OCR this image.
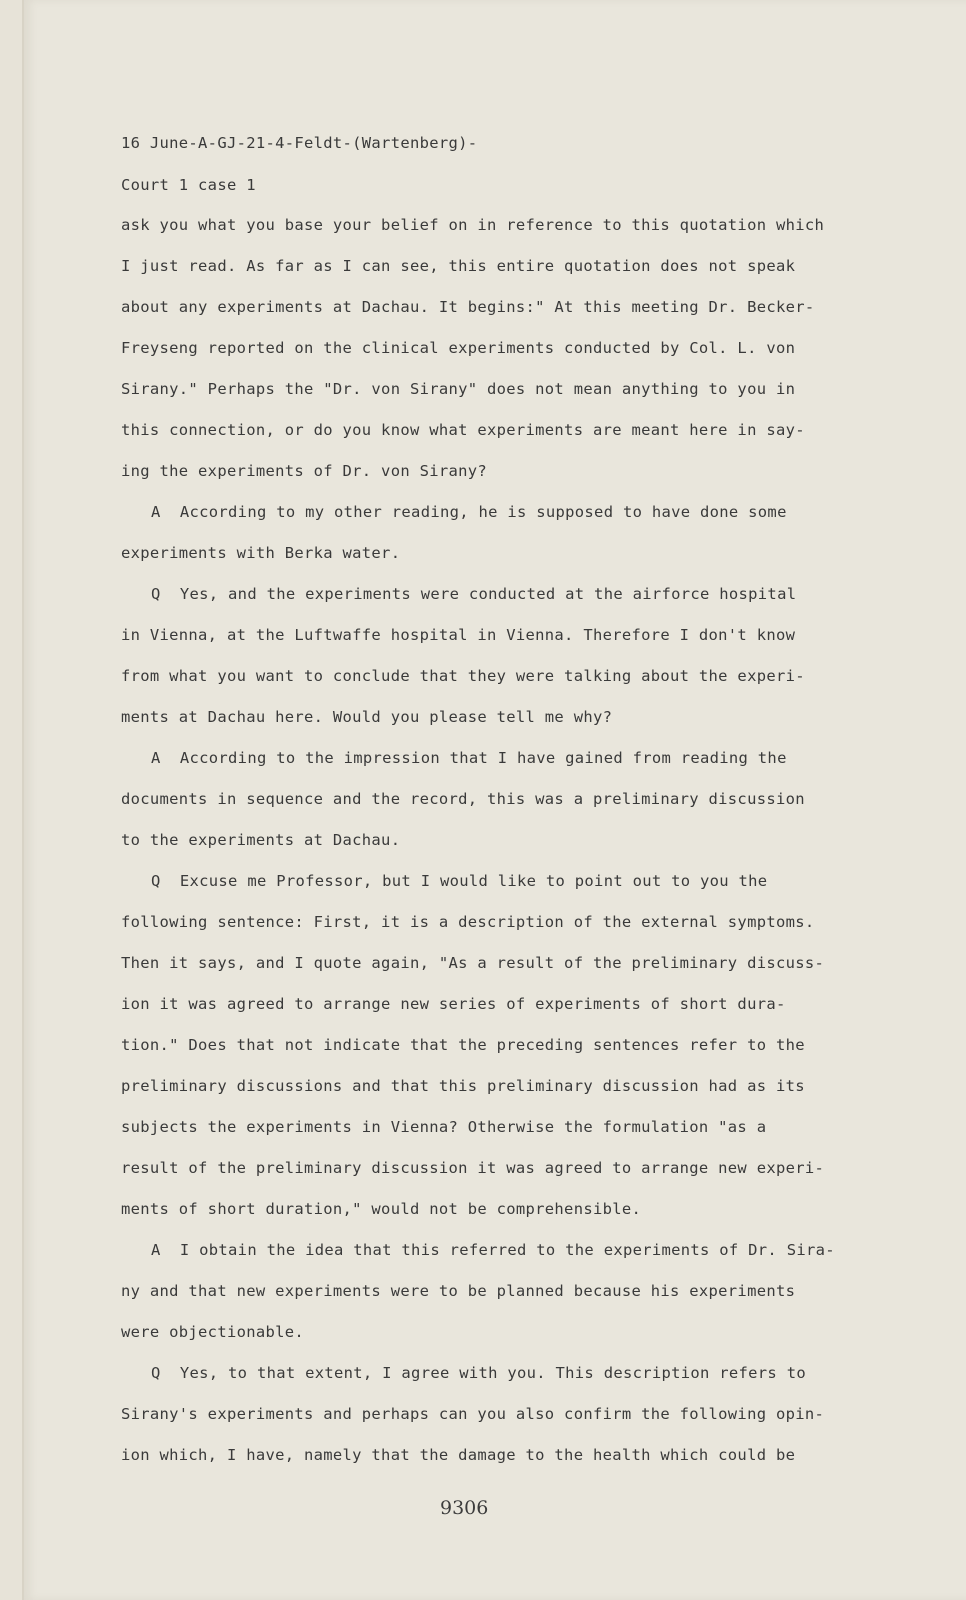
16 June-A-GJ-21-4-Feldt-(Wartenberg)-
Court 1 case 1
ask you what you base your belief on in reference to this quotation which
I just read. As far as I can see, this entire quotation does not speak
about any experiments at Dachau. It begins:" At this meeting Dr. Becker-
Freyseng reported on the clinical experiments conducted by Col. L. von
Sirany." Perhaps the "Dr. von Sirany" does not mean anything to you in
this connection, or do you know what experiments are meant here in say-
ing the experiments of Dr. von Sirany?
A  According to my other reading, he is supposed to have done some
experiments with Berka water.
Q  Yes, and the experiments were conducted at the airforce hospital
in Vienna, at the Luftwaffe hospital in Vienna. Therefore I don't know
from what you want to conclude that they were talking about the experi-
ments at Dachau here. Would you please tell me why?
A  According to the impression that I have gained from reading the
documents in sequence and the record, this was a preliminary discussion
to the experiments at Dachau.
Q  Excuse me Professor, but I would like to point out to you the
following sentence: First, it is a description of the external symptoms.
Then it says, and I quote again, "As a result of the preliminary discuss-
ion it was agreed to arrange new series of experiments of short dura-
tion." Does that not indicate that the preceding sentences refer to the
preliminary discussions and that this preliminary discussion had as its
subjects the experiments in Vienna? Otherwise the formulation "as a
result of the preliminary discussion it was agreed to arrange new experi-
ments of short duration," would not be comprehensible.
A  I obtain the idea that this referred to the experiments of Dr. Sira-
ny and that new experiments were to be planned because his experiments
were objectionable.
Q  Yes, to that extent, I agree with you. This description refers to
Sirany's experiments and perhaps can you also confirm the following opin-
ion which, I have, namely that the damage to the health which could be
9306
